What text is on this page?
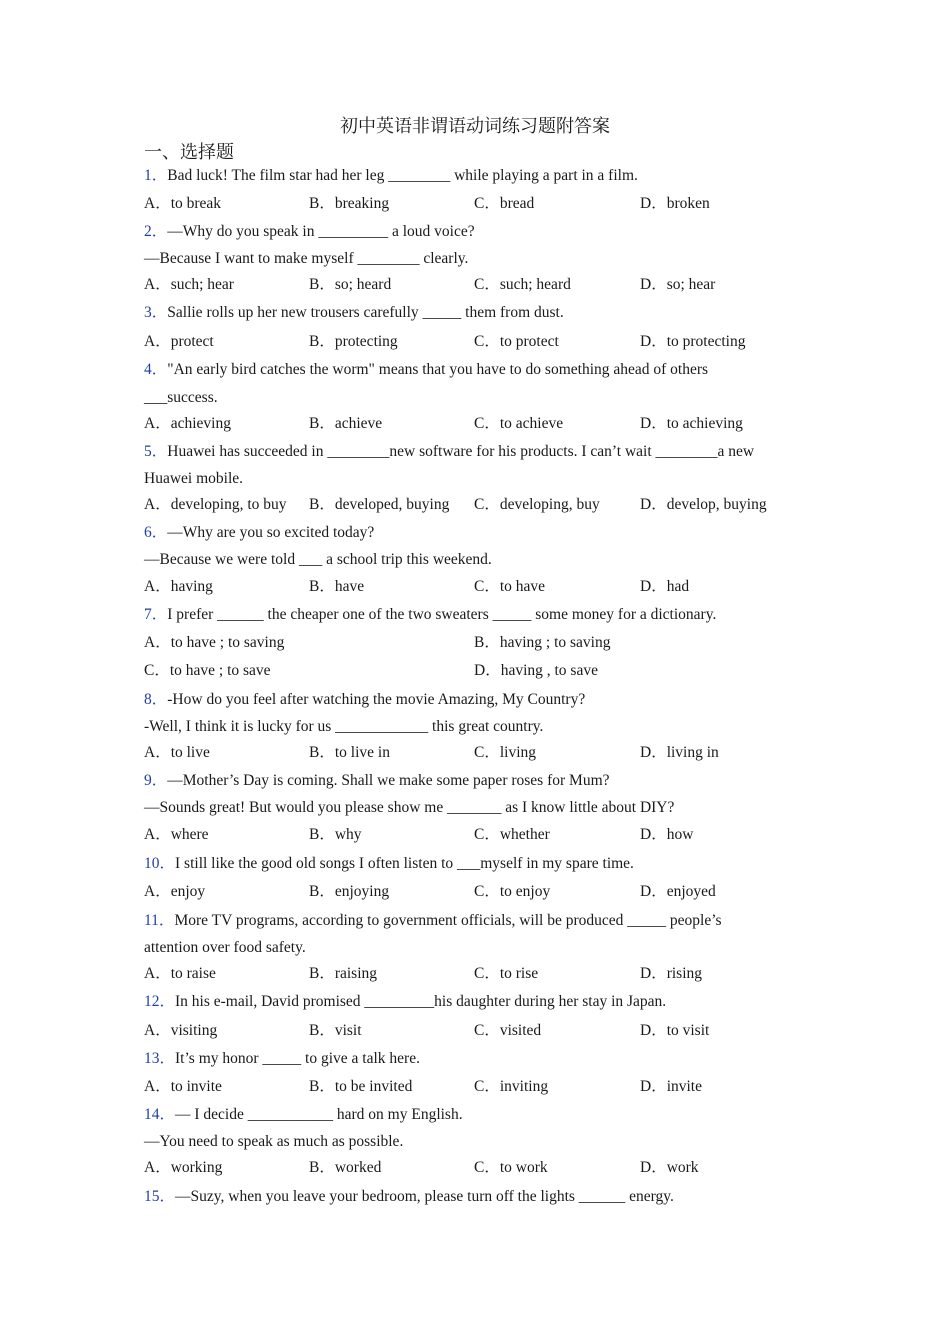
初中英语非谓语动词练习题附答案
一、选择题
1．Bad luck! The film star had her leg ________ while playing a part in a film.
A．to break	B．breaking	C．bread	D．broken
2．—Why do you speak in _________ a loud voice?
—Because I want to make myself ________ clearly.
A．such; hear	B．so; heard	C．such; heard	D．so; hear
3．Sallie rolls up her new trousers carefully _____ them from dust.
A．protect	B．protecting	C．to protect	D．to protecting
4．"An early bird catches the worm" means that you have to do something ahead of others
___success.
A．achieving	B．achieve	C．to achieve	D．to achieving
5．Huawei has succeeded in ________new software for his products. I can’t wait ________a new
Huawei mobile.
A．developing, to buy B．developed, buying C．developing, buy	D．develop, buying
6．—Why are you so excited today?
—Because we were told ___ a school trip this weekend.
A．having	B．have	C．to have	D．had
7．I prefer ______ the cheaper one of the two sweaters _____ some money for a dictionary.
A．to have ; to saving	B．having ; to saving
C．to have ; to save	D．having , to save
8．-How do you feel after watching the movie Amazing, My Country?
-Well, I think it is lucky for us ____________ this great country.
A．to live	B．to live in	C．living	D．living in
9．—Mother’s Day is coming. Shall we make some paper roses for Mum?
—Sounds great! But would you please show me _______ as I know little about DIY?
A．where	B．why	C．whether	D．how
10．I still like the good old songs I often listen to ___myself in my spare time.
A．enjoy	B．enjoying	C．to enjoy	D．enjoyed
11．More TV programs, according to government officials, will be produced _____ people’s
attention over food safety.
A．to raise	B．raising	C．to rise	D．rising
12．In his e-mail, David promised _________his daughter during her stay in Japan.
A．visiting	B．visit	C．visited	D．to visit
13．It’s my honor _____ to give a talk here.
A．to invite	B．to be invited	C．inviting	D．invite
14．— I decide ___________ hard on my English.
—You need to speak as much as possible.
A．working	B．worked	C．to work	D．work
15．—Suzy, when you leave your bedroom, please turn off the lights ______ energy.
